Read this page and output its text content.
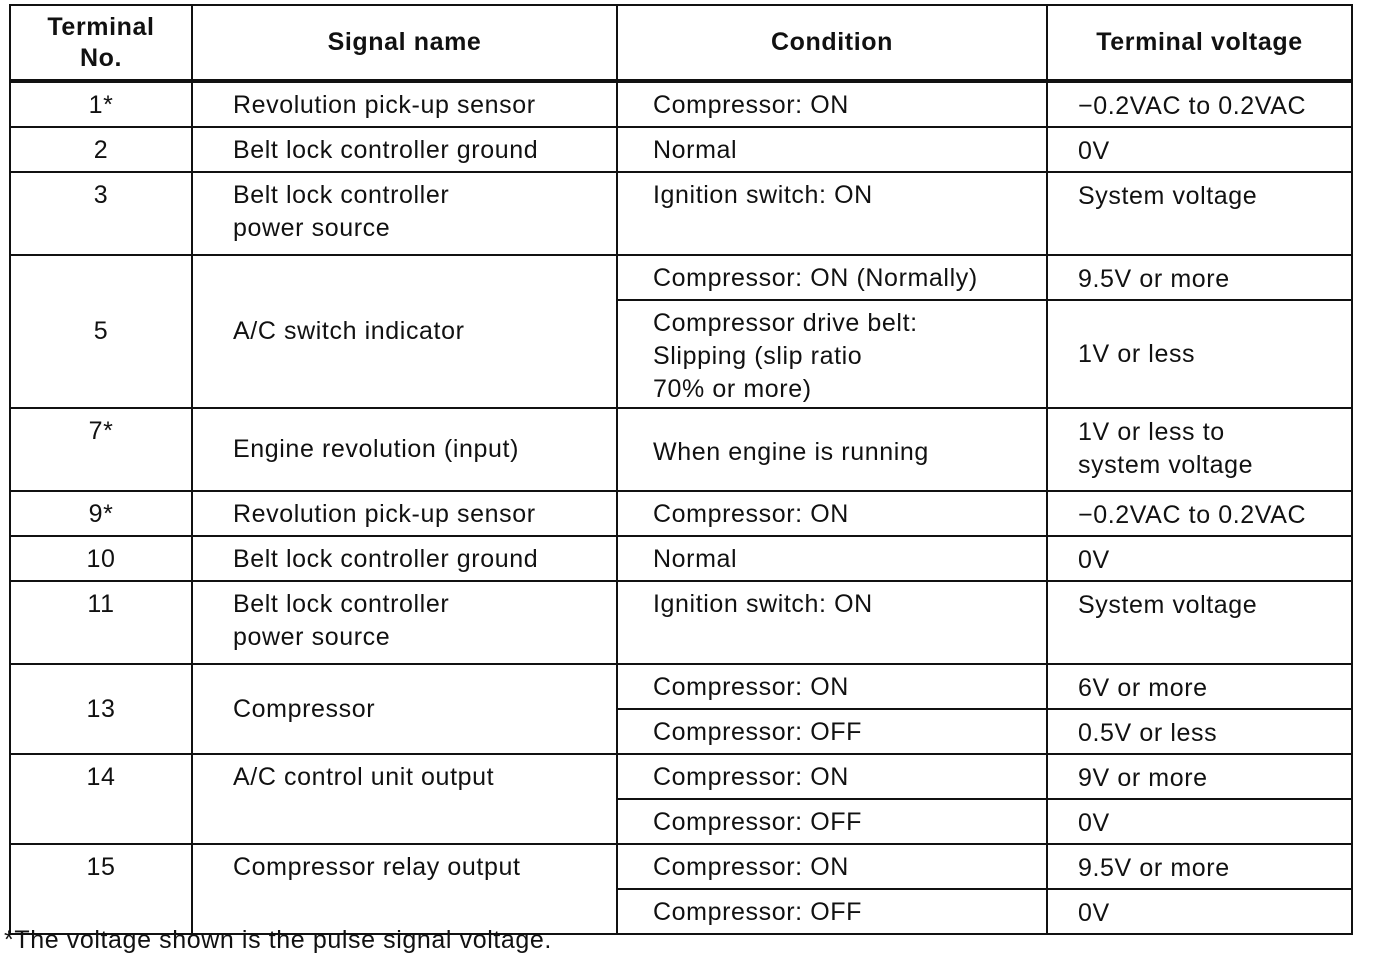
Terminal
No.	Signal name	Condition	Terminal voltage
1*	Revolution pick-up sensor	Compressor: ON	−0.2VAC to 0.2VAC
2	Belt lock controller ground	Normal	0V
3	Belt lock controller
power source	Ignition switch: ON	System voltage
5	A/C switch indicator	Compressor: ON (Normally)	9.5V or more
		Compressor drive belt:
Slipping (slip ratio
70% or more)	1V or less
7*	Engine revolution (input)	When engine is running	1V or less to
system voltage
9*	Revolution pick-up sensor	Compressor: ON	−0.2VAC to 0.2VAC
10	Belt lock controller ground	Normal	0V
11	Belt lock controller
power source	Ignition switch: ON	System voltage
13	Compressor	Compressor: ON	6V or more
		Compressor: OFF	0.5V or less
14	A/C control unit output	Compressor: ON	9V or more
		Compressor: OFF	0V
15	Compressor relay output	Compressor: ON	9.5V or more
		Compressor: OFF	0V
*The voltage shown is the pulse signal voltage.
